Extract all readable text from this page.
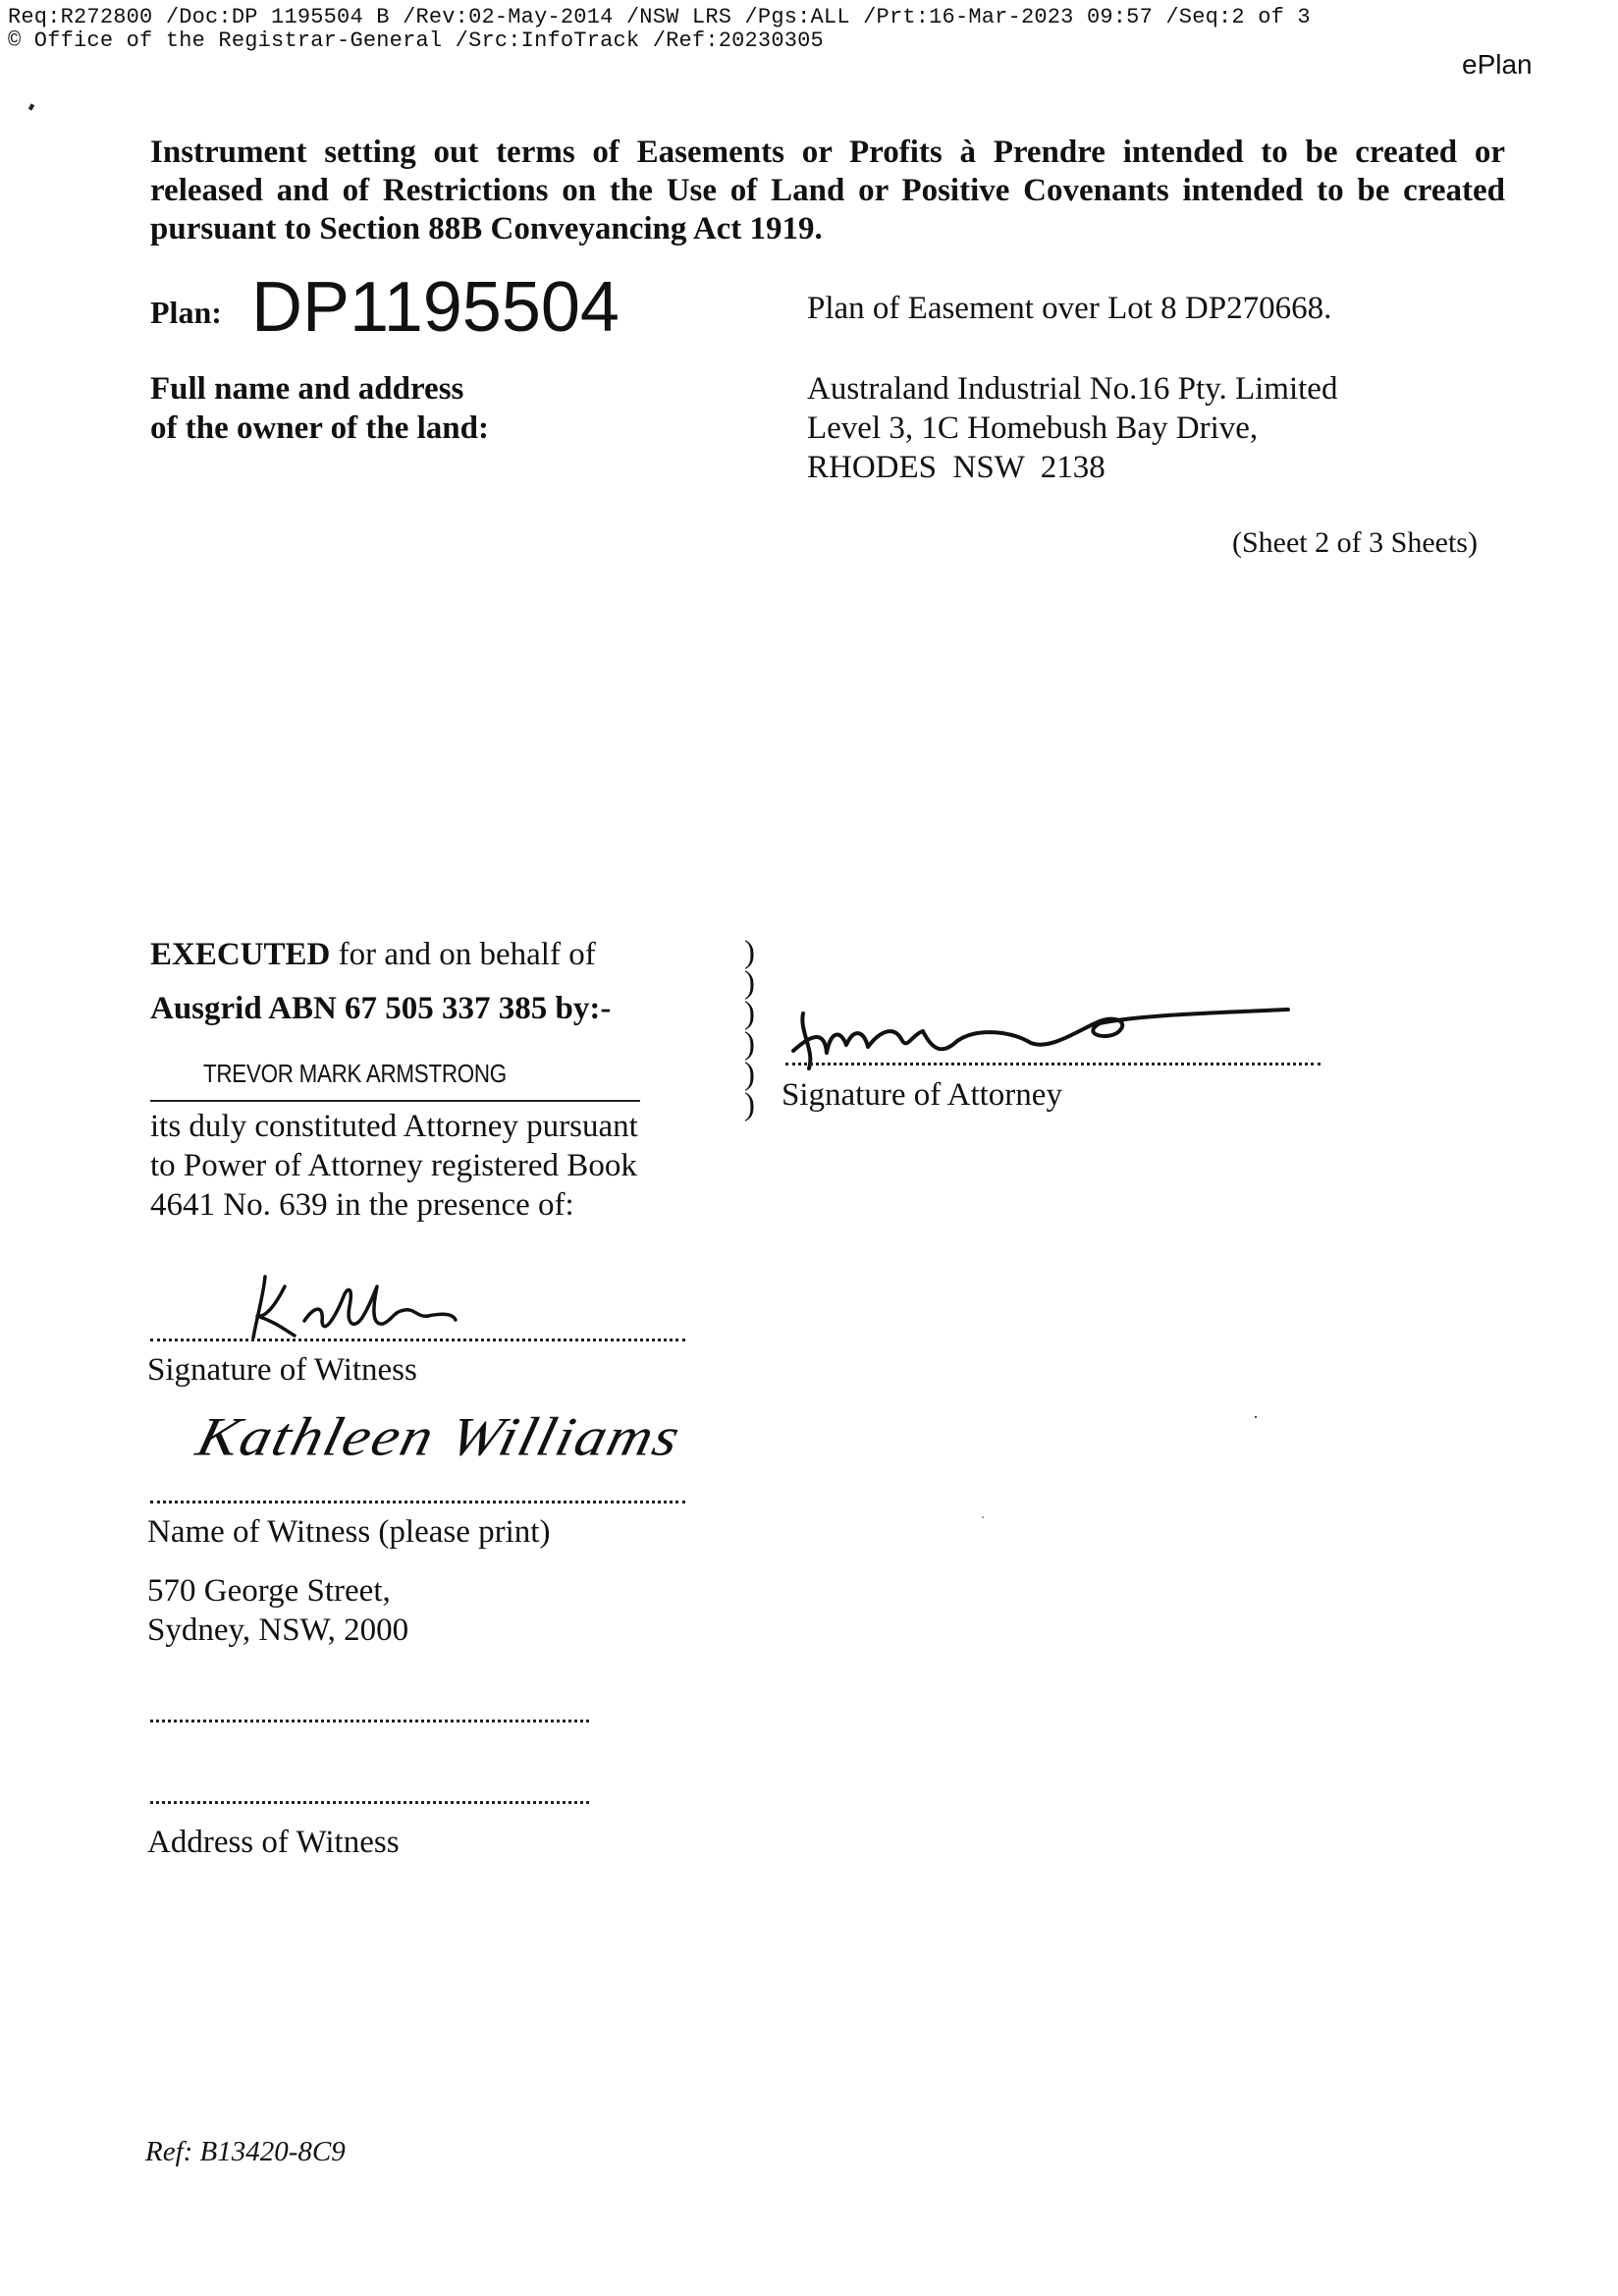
Req:R272800 /Doc:DP 1195504 B /Rev:02-May-2014 /NSW LRS /Pgs:ALL /Prt:16-Mar-2023 09:57 /Seq:2 of 3
© Office of the Registrar-General /Src:InfoTrack /Ref:20230305
ePlan
Instrument setting out terms of Easements or Profits à Prendre intended to be created or
released and of Restrictions on the Use of Land or Positive Covenants intended to be created
pursuant to Section 88B Conveyancing Act 1919.
Plan: DP1195504	Plan of Easement over Lot 8 DP270668.
Full name and address
of the owner of the land:
Australand Industrial No.16 Pty. Limited
Level 3, 1C Homebush Bay Drive,
RHODES  NSW  2138
(Sheet 2 of 3 Sheets)
EXECUTED for and on behalf of
Ausgrid ABN 67 505 337 385 by:-
TREVOR MARK ARMSTRONG
its duly constituted Attorney pursuant
to Power of Attorney registered Book
4641 No. 639 in the presence of:
)
)
)
)
)
) Signature of Attorney
Signature of Witness
Kathleen Williams
Name of Witness (please print)
570 George Street,
Sydney, NSW, 2000
Address of Witness
Ref: B13420-8C9
